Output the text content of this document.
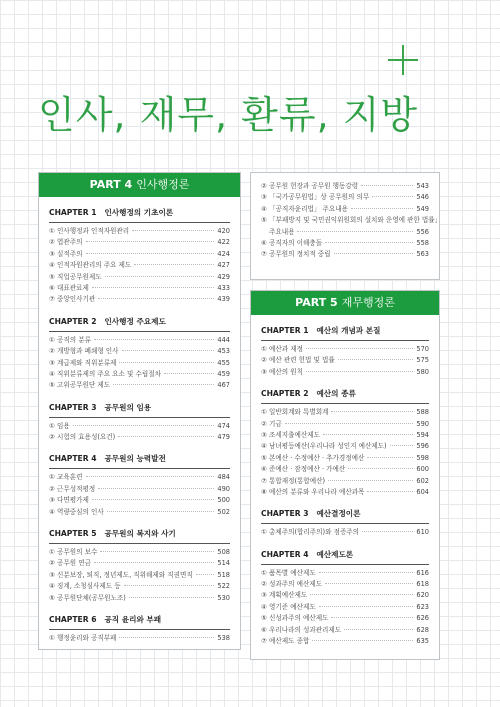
인사, 재무, 환류, 지방
PART 4 인사행정론
CHAPTER 1 인사행정의 기초이론
① 인사행정과 인적자원관리	420
② 엽관주의	422
③ 실적주의	424
④ 인적자원관리의 주요 제도	427
⑤ 직업공무원제도	429
⑥ 대표관료제	433
⑦ 중앙인사기관	439
CHAPTER 2 인사행정 주요제도
① 공직의 분류	444
② 개방형과 폐쇄형 인사	453
③ 계급제와 직위분류제	455
④ 직위분류제의 주요 요소 및 수립절차	459
⑤ 고위공무원단 제도	467
CHAPTER 3 공무원의 임용
① 임용	474
② 시험의 효용성(요건)	479
CHAPTER 4 공무원의 능력발전
① 교육훈련	484
② 근무성적평정	490
③ 다면평가제	500
④ 역량중심의 인사	502
CHAPTER 5 공무원의 복지와 사기
① 공무원의 보수	508
② 공무원 연금	514
③ 신분보장, 퇴직, 정년제도, 직위해제와 직권면직	518
④ 징계, 소청심사제도 등	522
⑤ 공무원단체(공무원노조)	530
CHAPTER 6 공직 윤리와 부패
① 행정윤리와 공직부패	538
② 공무원 헌장과 공무원 행동강령	543
③ 「국가공무원법」상 공무원의 의무	546
④ 「공직자윤리법」 주요내용	549
⑤ 「부패방지 및 국민권익위원회의 설치와 운영에 관한 법률」
주요내용	556
⑥ 공직자의 이해충돌	558
⑦ 공무원의 정치적 중립	563
PART 5 재무행정론
CHAPTER 1 예산의 개념과 본질
① 예산과 재정	570
② 예산 관련 헌법 및 법률	575
③ 예산의 원칙	580
CHAPTER 2 예산의 종류
① 일반회계와 특별회계	588
② 기금	590
③ 조세지출예산제도	594
④ 남녀평등예산(우리나라 성인지 예산제도)	596
⑤ 본예산 · 수정예산 · 추가경정예산	598
⑥ 준예산 · 잠정예산 · 가예산	600
⑦ 통합재정(통합예산)	602
⑧ 예산의 분류와 우리나라 예산과목	604
CHAPTER 3 예산결정이론
① 총체주의(합리주의)와 점증주의	610
CHAPTER 4 예산제도론
① 품목별 예산제도	616
② 성과주의 예산제도	618
③ 계획예산제도	620
④ 영기준 예산제도	623
⑤ 신성과주의 예산제도	626
⑥ 우리나라의 성과관리제도	628
⑦ 예산제도 종합	635
